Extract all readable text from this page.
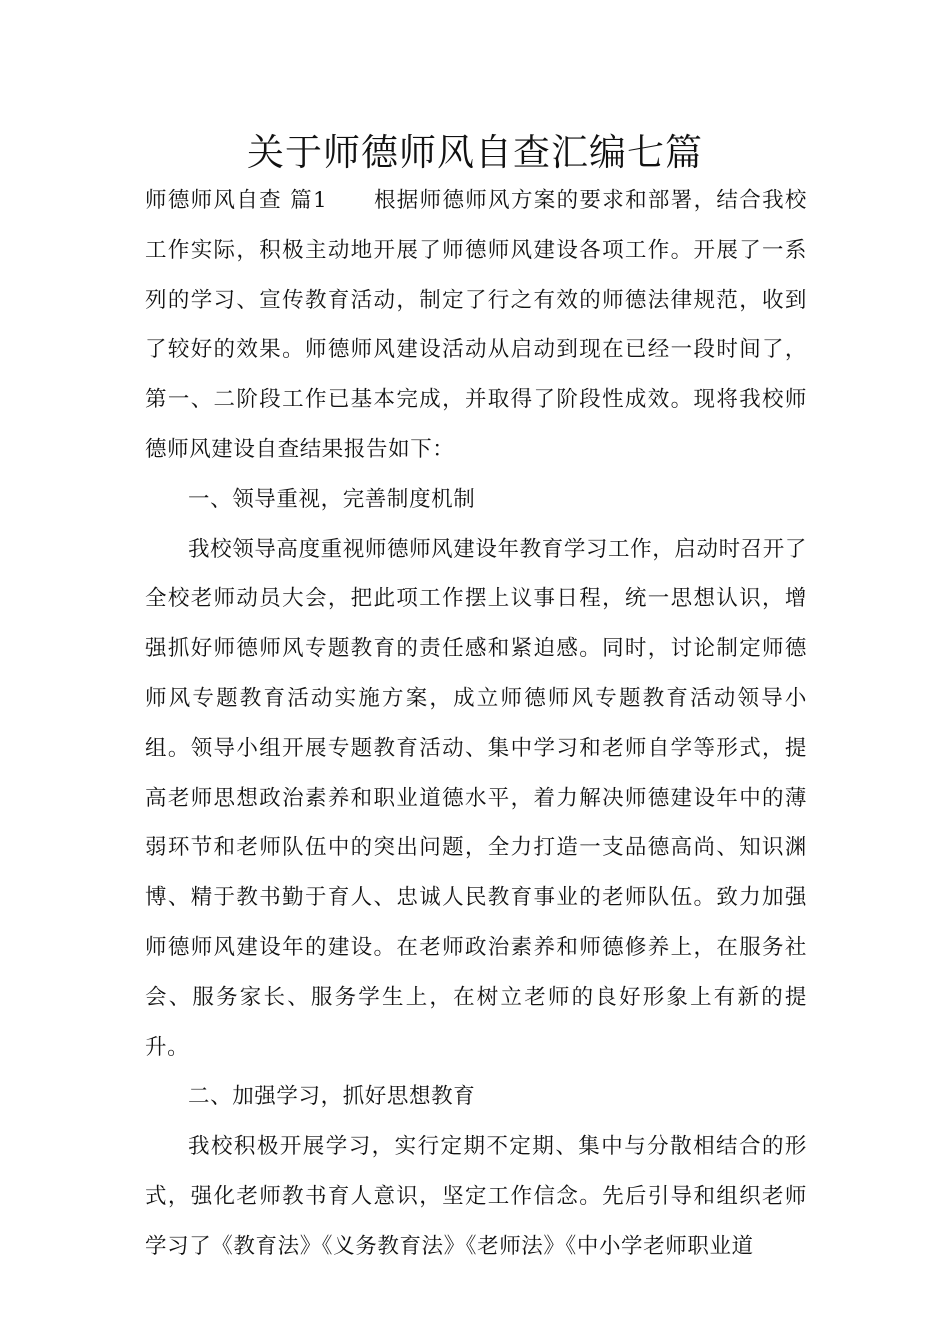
关于师德师风自查汇编七篇

师德师风自查 篇1 根据师德师风方案的要求和部署，结合我校工作实际，积极主动地开展了师德师风建设各项工作。开展了一系列的学习、宣传教育活动，制定了行之有效的师德法律规范，收到了较好的效果。师德师风建设活动从启动到现在已经一段时间了，第一、二阶段工作已基本完成，并取得了阶段性成效。现将我校师德师风建设自查结果报告如下：

一、领导重视，完善制度机制

我校领导高度重视师德师风建设年教育学习工作，启动时召开了全校老师动员大会，把此项工作摆上议事日程，统一思想认识，增强抓好师德师风专题教育的责任感和紧迫感。同时，讨论制定师德师风专题教育活动实施方案，成立师德师风专题教育活动领导小组。领导小组开展专题教育活动、集中学习和老师自学等形式，提高老师思想政治素养和职业道德水平，着力解决师德建设年中的薄弱环节和老师队伍中的突出问题，全力打造一支品德高尚、知识渊博、精于教书勤于育人、忠诚人民教育事业的老师队伍。致力加强师德师风建设年的建设。在老师政治素养和师德修养上，在服务社会、服务家长、服务学生上，在树立老师的良好形象上有新的提升。

二、加强学习，抓好思想教育

我校积极开展学习，实行定期不定期、集中与分散相结合的形式，强化老师教书育人意识，坚定工作信念。先后引导和组织老师学习了《教育法》《义务教育法》《老师法》《中小学老师职业道
